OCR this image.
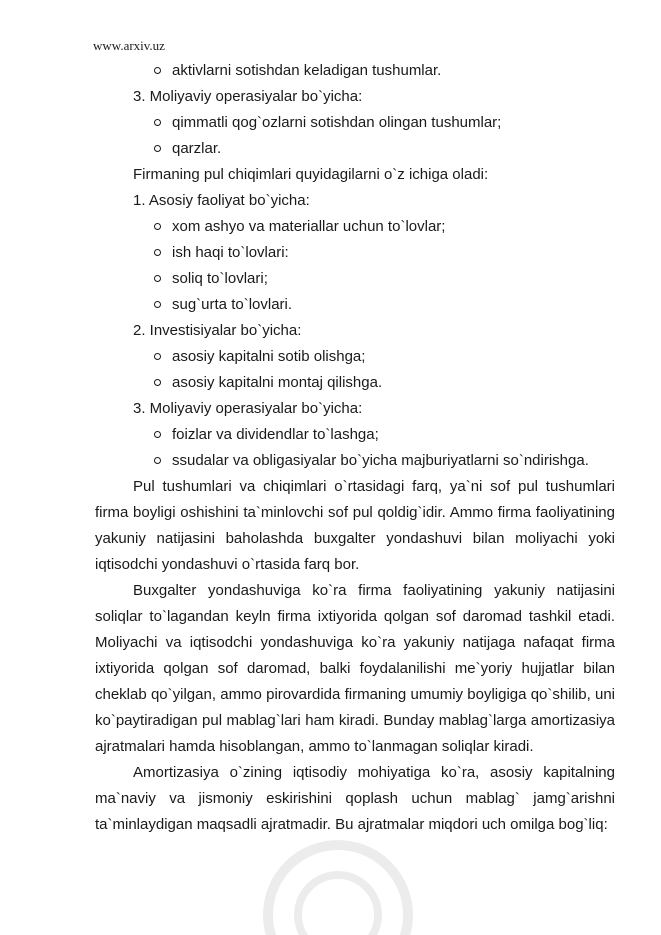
www.arxiv.uz
aktivlarni sotishdan keladigan tushumlar.
3. Moliyaviy operasiyalar bo`yicha:
qimmatli qog`ozlarni sotishdan olingan tushumlar;
qarzlar.
Firmaning pul chiqimlari quyidagilarni o`z ichiga oladi:
1. Asosiy faoliyat bo`yicha:
xom ashyo va materiallar uchun to`lovlar;
ish haqi to`lovlari:
soliq to`lovlari;
sug`urta to`lovlari.
2. Investisiyalar bo`yicha:
asosiy kapitalni sotib olishga;
asosiy kapitalni montaj qilishga.
3. Moliyaviy operasiyalar bo`yicha:
foizlar va dividendlar to`lashga;
ssudalar va obligasiyalar bo`yicha majburiyatlarni so`ndirishga.

Pul tushumlari va chiqimlari o`rtasidagi farq, ya`ni sof pul tushumlari firma boyligi oshishini ta`minlovchi sof pul qoldig`idir. Ammo firma faoliyatining yakuniy natijasini baholashda buxgalter yondashuvi bilan moliyachi yoki iqtisodchi yondashuvi o`rtasida farq bor.

Buxgalter yondashuviga ko`ra firma faoliyatining yakuniy natijasini soliqlar to`lagandan keyln firma ixtiyorida qolgan sof daromad tashkil etadi. Moliyachi va iqtisodchi yondashuviga ko`ra yakuniy natijaga nafaqat firma ixtiyorida qolgan sof daromad, balki foydalanilishi me`yoriy hujjatlar bilan cheklab qo`yilgan, ammo pirovardida firmaning umumiy boyligiga qo`shilib, uni ko`paytiradigan pul mablag`lari ham kiradi. Bunday mablag`larga amortizasiya ajratmalari hamda hisoblangan, ammo to`lanmagan soliqlar kiradi.

Amortizasiya o`zining iqtisodiy mohiyatiga ko`ra, asosiy kapitalning ma`naviy va jismoniy eskirishini qoplash uchun mablag` jamg`arishni ta`minlaydigan maqsadli ajratmadir. Bu ajratmalar miqdori uch omilga bog`liq:
